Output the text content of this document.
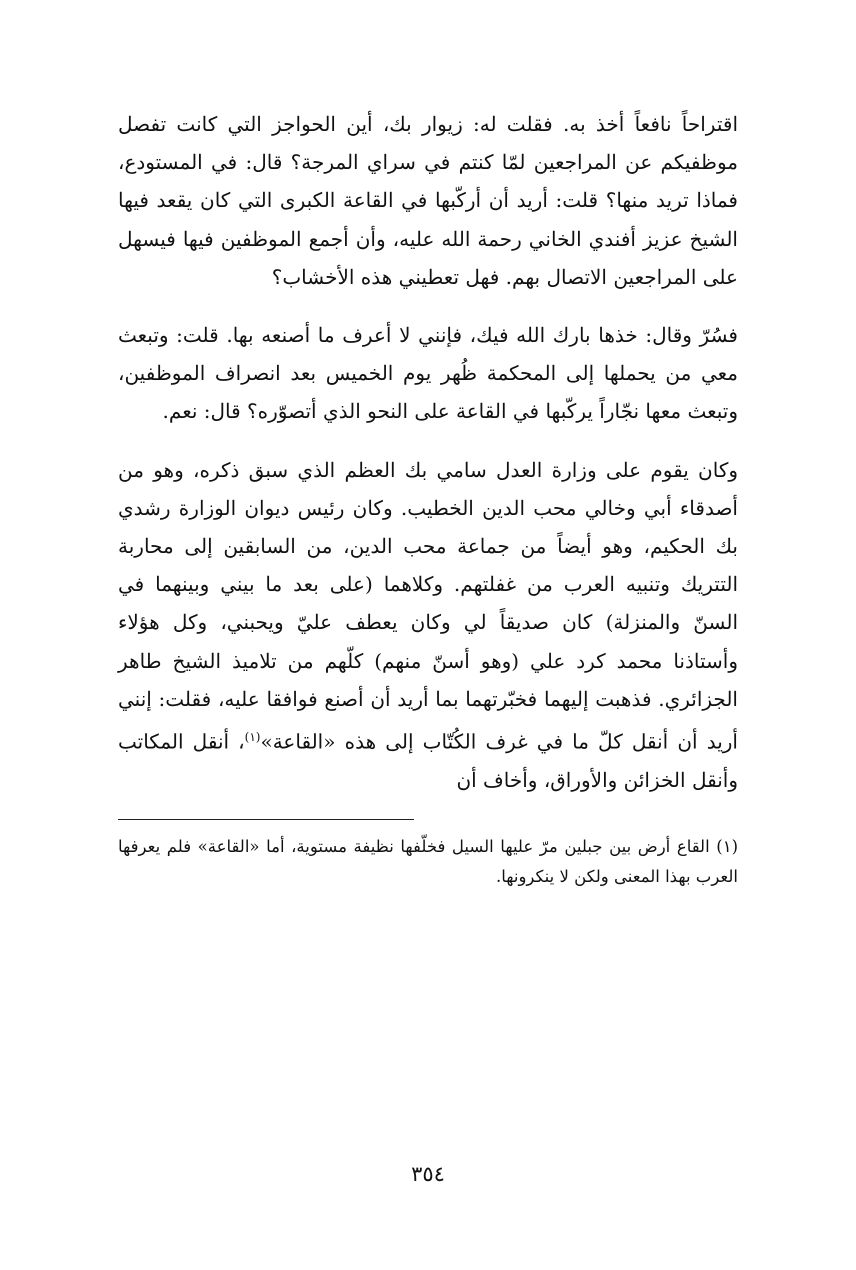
اقتراحاً نافعاً أخذ به. فقلت له: زيوار بك، أين الحواجز التي كانت تفصل موظفيكم عن المراجعين لمّا كنتم في سراي المرجة؟ قال: في المستودع، فماذا تريد منها؟ قلت: أريد أن أركّبها في القاعة الكبرى التي كان يقعد فيها الشيخ عزيز أفندي الخاني رحمة الله عليه، وأن أجمع الموظفين فيها فيسهل على المراجعين الاتصال بهم. فهل تعطيني هذه الأخشاب؟

فسُرّ وقال: خذها بارك الله فيك، فإنني لا أعرف ما أصنعه بها. قلت: وتبعث معي من يحملها إلى المحكمة ظُهر يوم الخميس بعد انصراف الموظفين، وتبعث معها نجّاراً يركّبها في القاعة على النحو الذي أتصوّره؟ قال: نعم.

وكان يقوم على وزارة العدل سامي بك العظم الذي سبق ذكره، وهو من أصدقاء أبي وخالي محب الدين الخطيب. وكان رئيس ديوان الوزارة رشدي بك الحكيم، وهو أيضاً من جماعة محب الدين، من السابقين إلى محاربة التتريك وتنبيه العرب من غفلتهم. وكلاهما (على بعد ما بيني وبينهما في السنّ والمنزلة) كان صديقاً لي وكان يعطف عليّ ويحبني، وكل هؤلاء وأستاذنا محمد كرد علي (وهو أسنّ منهم) كلّهم من تلاميذ الشيخ طاهر الجزائري. فذهبت إليهما فخبّرتهما بما أريد أن أصنع فوافقا عليه، فقلت: إنني أريد أن أنقل كلّ ما في غرف الكُتّاب إلى هذه «القاعة»$^{(١)}$، أنقل المكاتب وأنقل الخزائن والأوراق، وأخاف أن

(١) القاع أرض بين جبلين مرّ عليها السيل فخلّفها نظيفة مستوية، أما «القاعة» فلم يعرفها العرب بهذا المعنى ولكن لا ينكرونها.

٣٥٤
